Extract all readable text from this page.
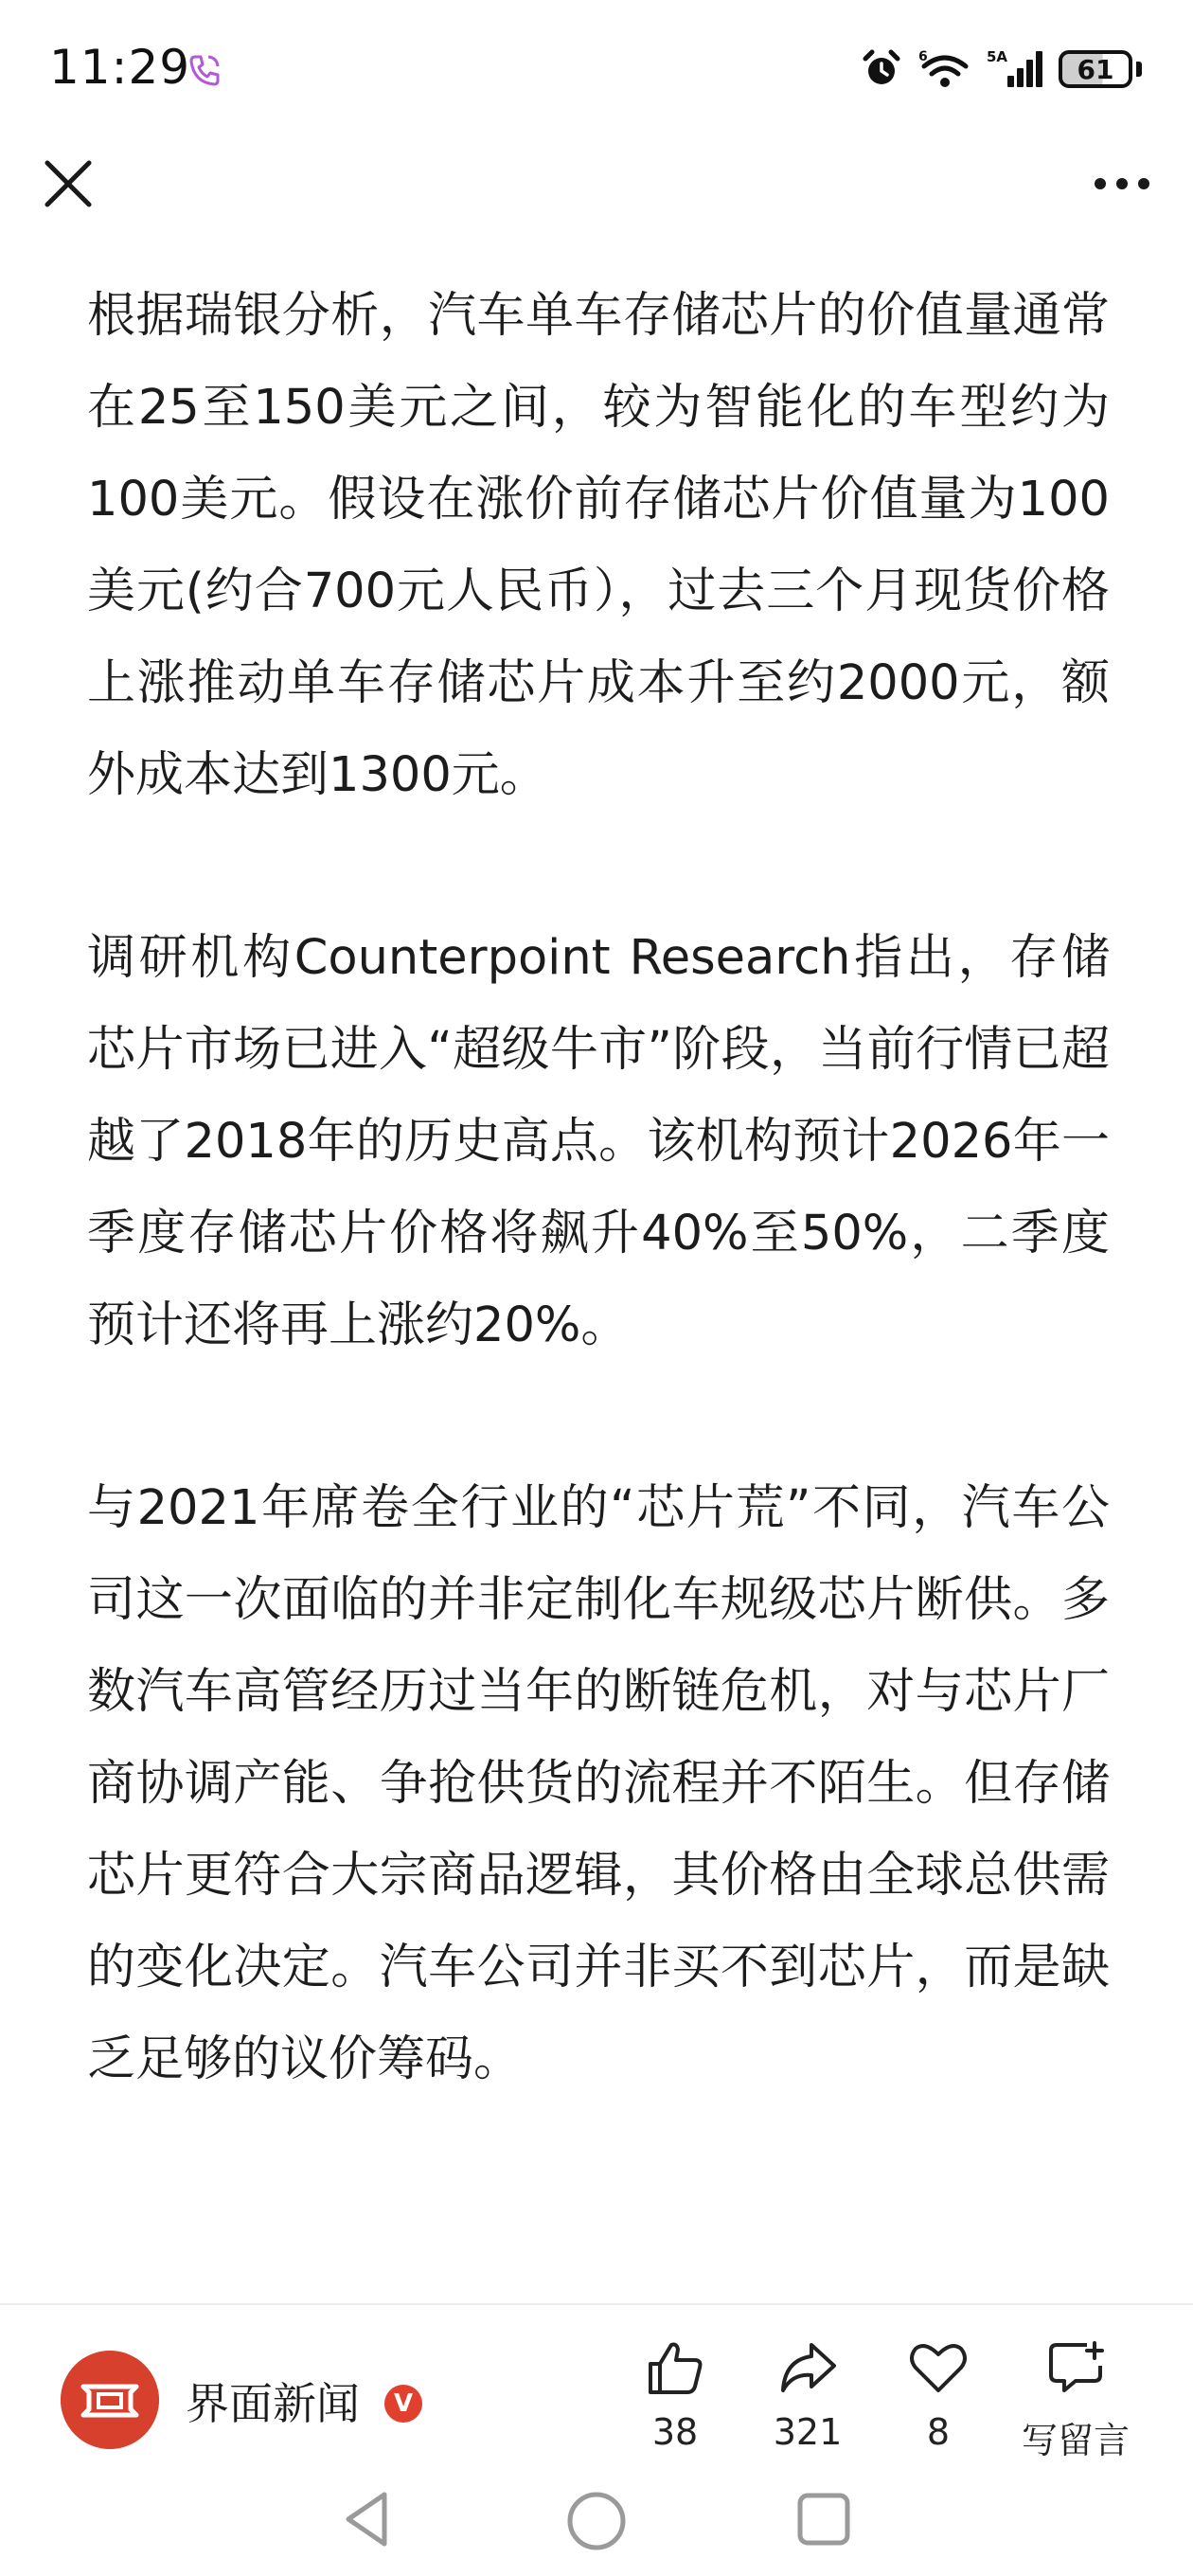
11:29	6	5A	61

根据瑞银分析，汽车单车存储芯片的价值量通常在25至150美元之间，较为智能化的车型约为100美元。假设在涨价前存储芯片价值量为100美元(约合700元人民币），过去三个月现货价格上涨推动单车存储芯片成本升至约2000元，额外成本达到1300元。

调研机构Counterpoint Research指出，存储芯片市场已进入“超级牛市”阶段，当前行情已超越了2018年的历史高点。该机构预计2026年一季度存储芯片价格将飙升40%至50%，二季度预计还将再上涨约20%。

与2021年席卷全行业的“芯片荒”不同，汽车公司这一次面临的并非定制化车规级芯片断供。多数汽车高管经历过当年的断链危机，对与芯片厂商协调产能、争抢供货的流程并不陌生。但存储芯片更符合大宗商品逻辑，其价格由全球总供需的变化决定。汽车公司并非买不到芯片，而是缺乏足够的议价筹码。

界面新闻	V
38	321	8	写留言
